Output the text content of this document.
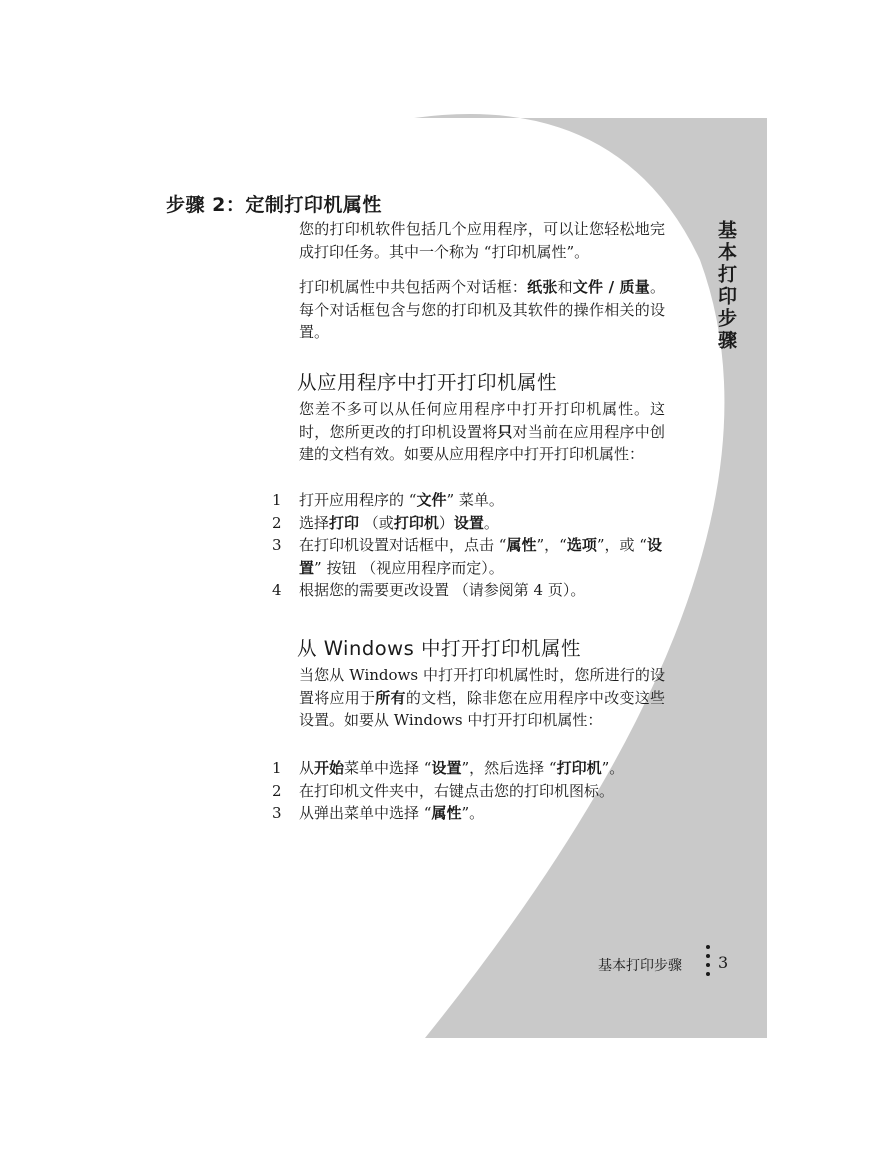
步骤 2：定制打印机属性

您的打印机软件包括几个应用程序，可以让您轻松地完成打印任务。其中一个称为 “打印机属性”。

打印机属性中共包括两个对话框：纸张和文件 / 质量。每个对话框包含与您的打印机及其软件的操作相关的设置。

从应用程序中打开打印机属性

您差不多可以从任何应用程序中打开打印机属性。这时，您所更改的打印机设置将只对当前在应用程序中创建的文档有效。如要从应用程序中打开打印机属性：

1 打开应用程序的 “文件” 菜单。
2 选择打印 （或打印机）设置。
3 在打印机设置对话框中，点击 “属性”，“选项”，或 “设置” 按钮 （视应用程序而定）。
4 根据您的需要更改设置 （请参阅第 4 页）。
从 Windows 中打开打印机属性

当您从 Windows 中打开打印机属性时，您所进行的设置将应用于所有的文档，除非您在应用程序中改变这些设置。如要从 Windows 中打开打印机属性：

1 从开始菜单中选择 “设置”，然后选择 “打印机”。
2 在打印机文件夹中，右键点击您的打印机图标。
3 从弹出菜单中选择 “属性”。
基本打印步骤
基本打印步骤 3
